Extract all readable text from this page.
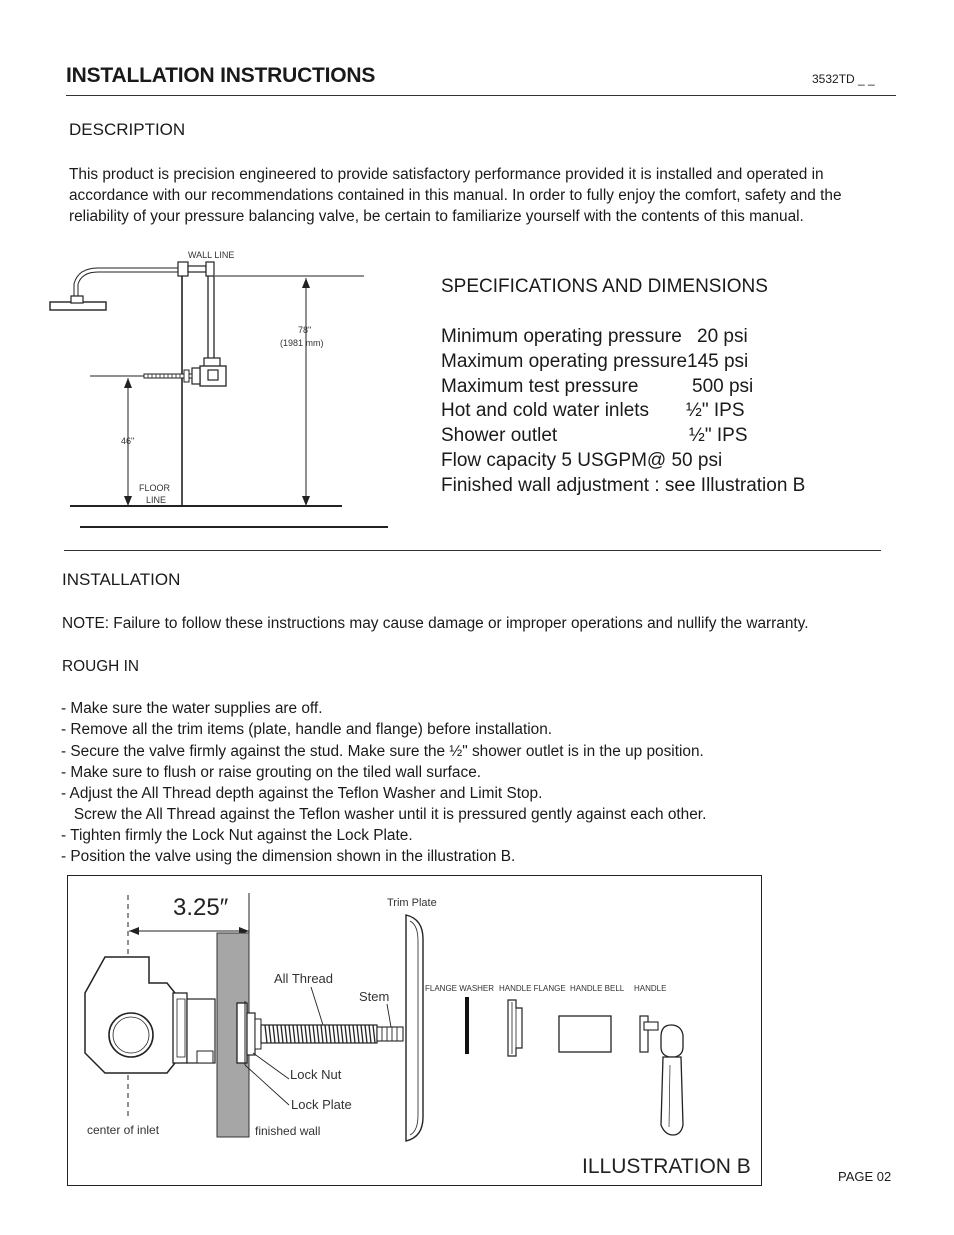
INSTALLATION INSTRUCTIONS	3532TD _ _
DESCRIPTION
This product is precision engineered to provide satisfactory performance provided it is installed and operated in
accordance with our recommendations contained in this manual. In order to fully enjoy the comfort, safety and the
reliability of your pressure balancing valve, be certain to familiarize yourself with the contents of this manual.
WALL LINE
78"
(1981 mm)
46"
FLOOR
LINE
SPECIFICATIONS AND DIMENSIONS
Minimum operating pressure 20 psi
Maximum operating pressure 145 psi
Maximum test pressure	500 psi
Hot and cold water inlets ½" IPS
Shower outlet	½" IPS
Flow capacity 5 USGPM@ 50 psi
Finished wall adjustment : see Illustration B
INSTALLATION
NOTE: Failure to follow these instructions may cause damage or improper operations and nullify the warranty.
ROUGH IN
- Make sure the water supplies are off.
- Remove all the trim items (plate, handle and flange) before installation.
- Secure the valve firmly against the stud. Make sure the ½" shower outlet is in the up position.
- Make sure to flush or raise grouting on the tiled wall surface.
- Adjust the All Thread depth against the Teflon Washer and Limit Stop.
Screw the All Thread against the Teflon washer until it is pressured gently against each other.
- Tighten firmly the Lock Nut against the Lock Plate.
- Position the valve using the dimension shown in the illustration B.
3.25″	Trim Plate
All Thread
Stem
FLANGE WASHER HANDLE FLANGE HANDLE BELL HANDLE
Lock Nut
Lock Plate
center of inlet	finished wall
ILLUSTRATION B	PAGE 02
